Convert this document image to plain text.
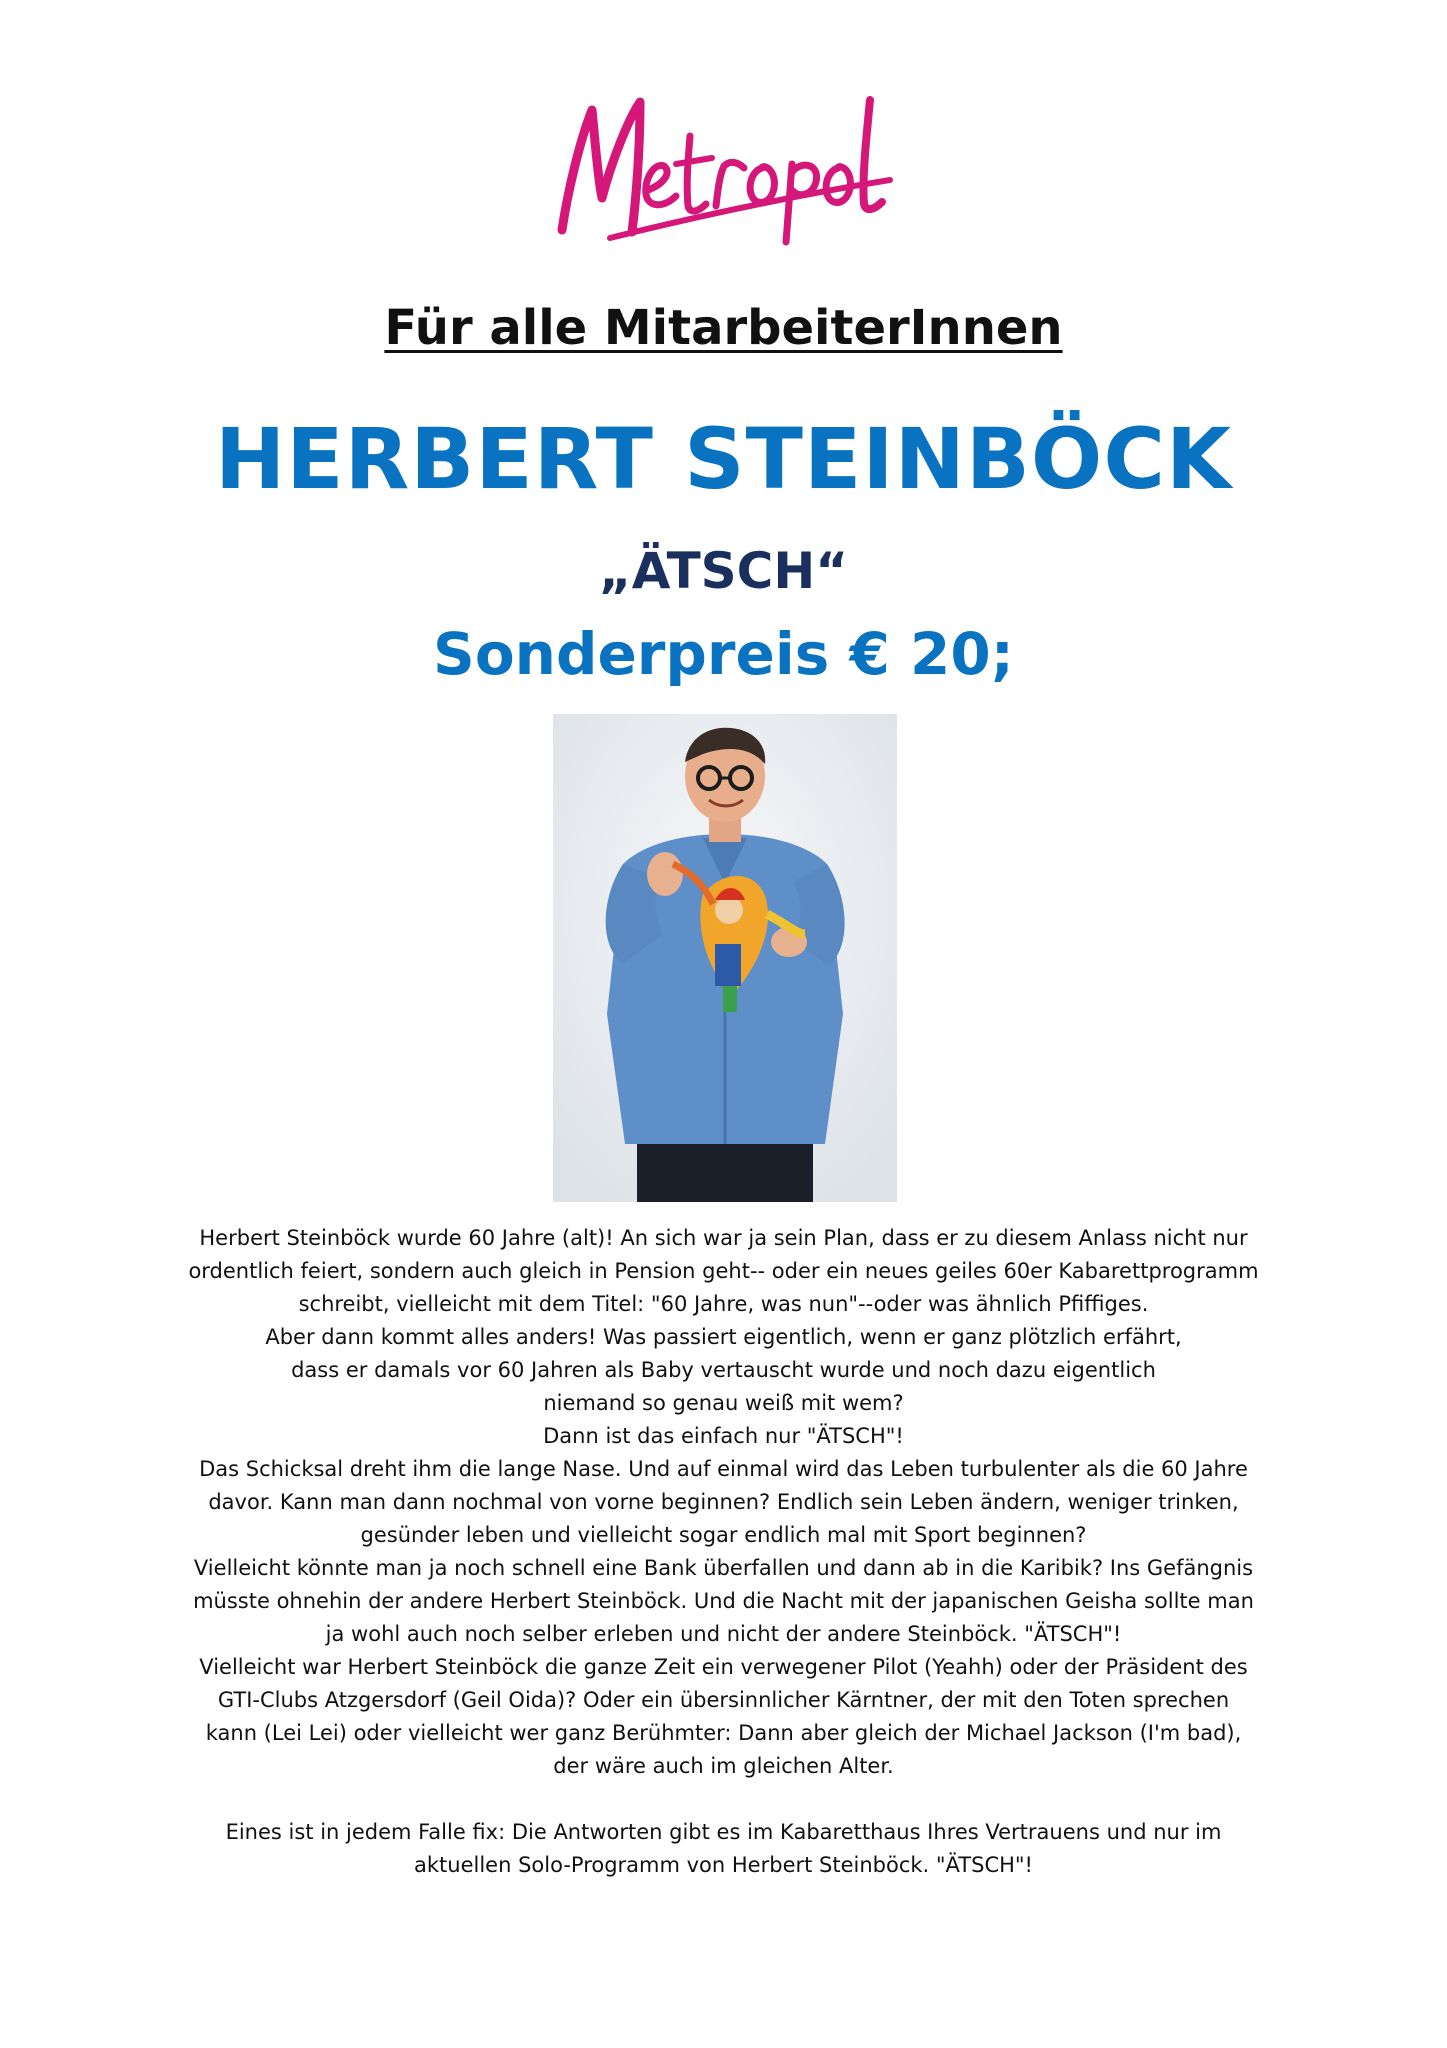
Für alle MitarbeiterInnen
HERBERT STEINBÖCK
„ÄTSCH“
Sonderpreis € 20;

Herbert Steinböck wurde 60 Jahre (alt)! An sich war ja sein Plan, dass er zu diesem Anlass nicht nur

ordentlich feiert, sondern auch gleich in Pension geht-- oder ein neues geiles 60er Kabarettprogramm

schreibt, vielleicht mit dem Titel: "60 Jahre, was nun"--oder was ähnlich Pfiffiges.

Aber dann kommt alles anders! Was passiert eigentlich, wenn er ganz plötzlich erfährt,

dass er damals vor 60 Jahren als Baby vertauscht wurde und noch dazu eigentlich

niemand so genau weiß mit wem?

Dann ist das einfach nur "ÄTSCH"!

Das Schicksal dreht ihm die lange Nase. Und auf einmal wird das Leben turbulenter als die 60 Jahre

davor. Kann man dann nochmal von vorne beginnen? Endlich sein Leben ändern, weniger trinken,

gesünder leben und vielleicht sogar endlich mal mit Sport beginnen?

Vielleicht könnte man ja noch schnell eine Bank überfallen und dann ab in die Karibik? Ins Gefängnis

müsste ohnehin der andere Herbert Steinböck. Und die Nacht mit der japanischen Geisha sollte man

ja wohl auch noch selber erleben und nicht der andere Steinböck. "ÄTSCH"!

Vielleicht war Herbert Steinböck die ganze Zeit ein verwegener Pilot (Yeahh) oder der Präsident des

GTI-Clubs Atzgersdorf (Geil Oida)? Oder ein übersinnlicher Kärntner, der mit den Toten sprechen

kann (Lei Lei) oder vielleicht wer ganz Berühmter: Dann aber gleich der Michael Jackson (I'm bad),

der wäre auch im gleichen Alter.

Eines ist in jedem Falle fix: Die Antworten gibt es im Kabaretthaus Ihres Vertrauens und nur im

aktuellen Solo-Programm von Herbert Steinböck. "ÄTSCH"!
